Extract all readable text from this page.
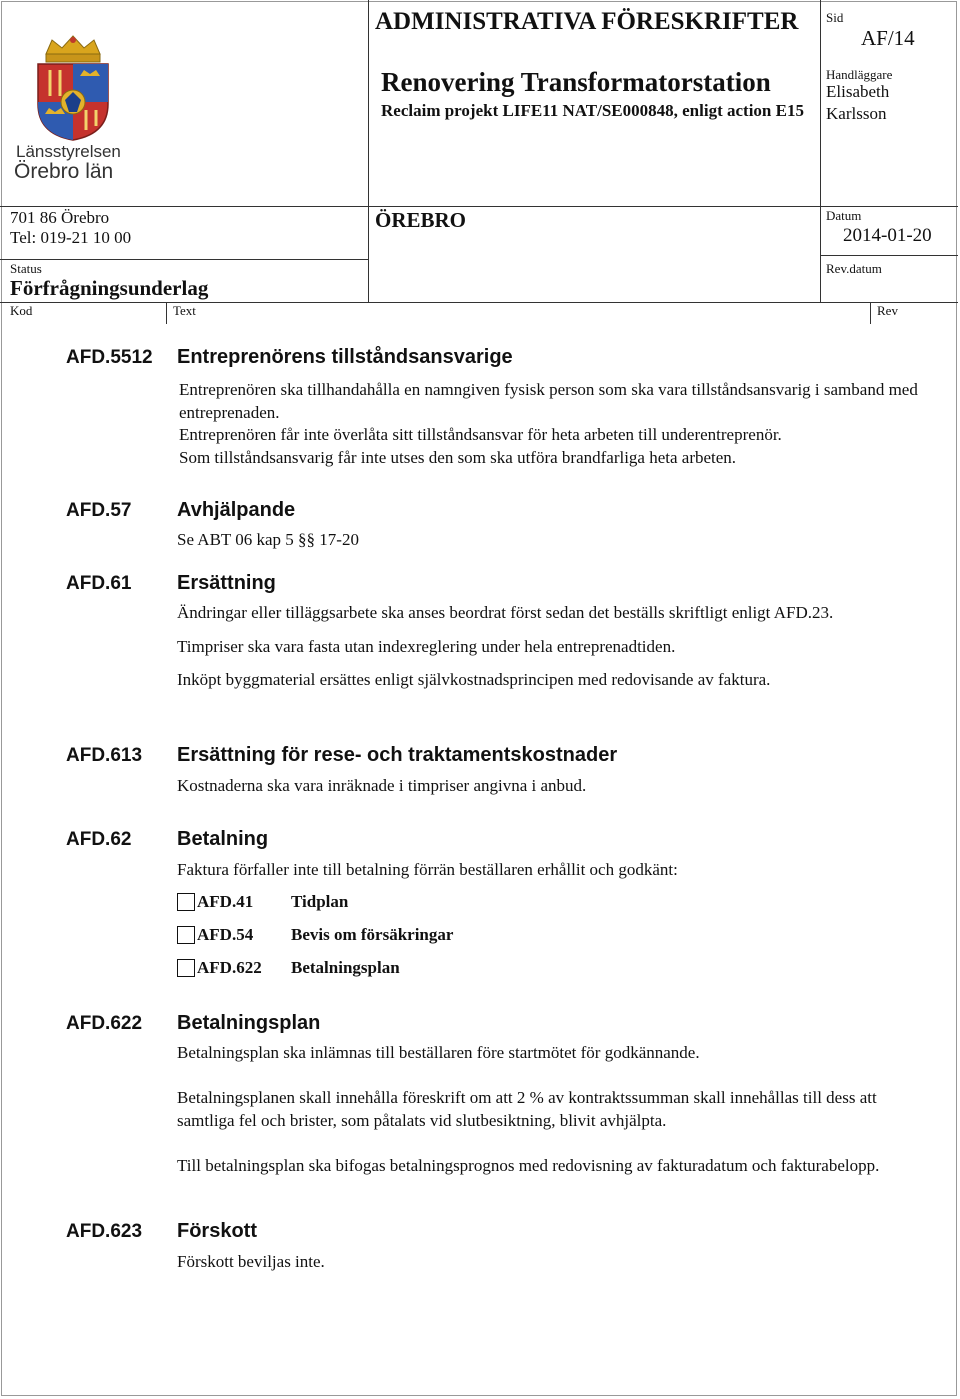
Länsstyrelsen
Örebro län
ADMINISTRATIVA FÖRESKRIFTER
Renovering Transformatorstation
Reclaim projekt LIFE11 NAT/SE000848, enligt action E15
ÖREBRO
Sid
AF/14
Handläggare
Elisabeth Karlsson
Datum
2014-01-20
Rev.datum
701 86 Örebro
Tel: 019-21 10 00
Status
Förfrågningsunderlag
Kod	Text	Rev
AFD.5512 Entreprenörens tillståndsansvarige
Entreprenören ska tillhandahålla en namngiven fysisk person som ska vara tillståndsansvarig i samband med entreprenaden.
Entreprenören får inte överlåta sitt tillståndsansvar för heta arbeten till underentreprenör.
Som tillståndsansvarig får inte utses den som ska utföra brandfarliga heta arbeten.
AFD.57 Avhjälpande
Se ABT 06 kap 5 §§ 17-20
AFD.61 Ersättning
Ändringar eller tilläggsarbete ska anses beordrat först sedan det beställs skriftligt enligt AFD.23.
Timpriser ska vara fasta utan indexreglering under hela entreprenadtiden.
Inköpt byggmaterial ersättes enligt självkostnadsprincipen med redovisande av faktura.
AFD.613 Ersättning för rese- och traktamentskostnader
Kostnaderna ska vara inräknade i timpriser angivna i anbud.
AFD.62 Betalning
Faktura förfaller inte till betalning förrän beställaren erhållit och godkänt:
AFD.41	Tidplan
AFD.54	Bevis om försäkringar
AFD.622	Betalningsplan
AFD.622 Betalningsplan
Betalningsplan ska inlämnas till beställaren före startmötet för godkännande.
Betalningsplanen skall innehålla föreskrift om att 2 % av kontraktssumman skall innehållas till dess att samtliga fel och brister, som påtalats vid slutbesiktning, blivit avhjälpta.
Till betalningsplan ska bifogas betalningsprognos med redovisning av fakturadatum och fakturabelopp.
AFD.623 Förskott
Förskott beviljas inte.
